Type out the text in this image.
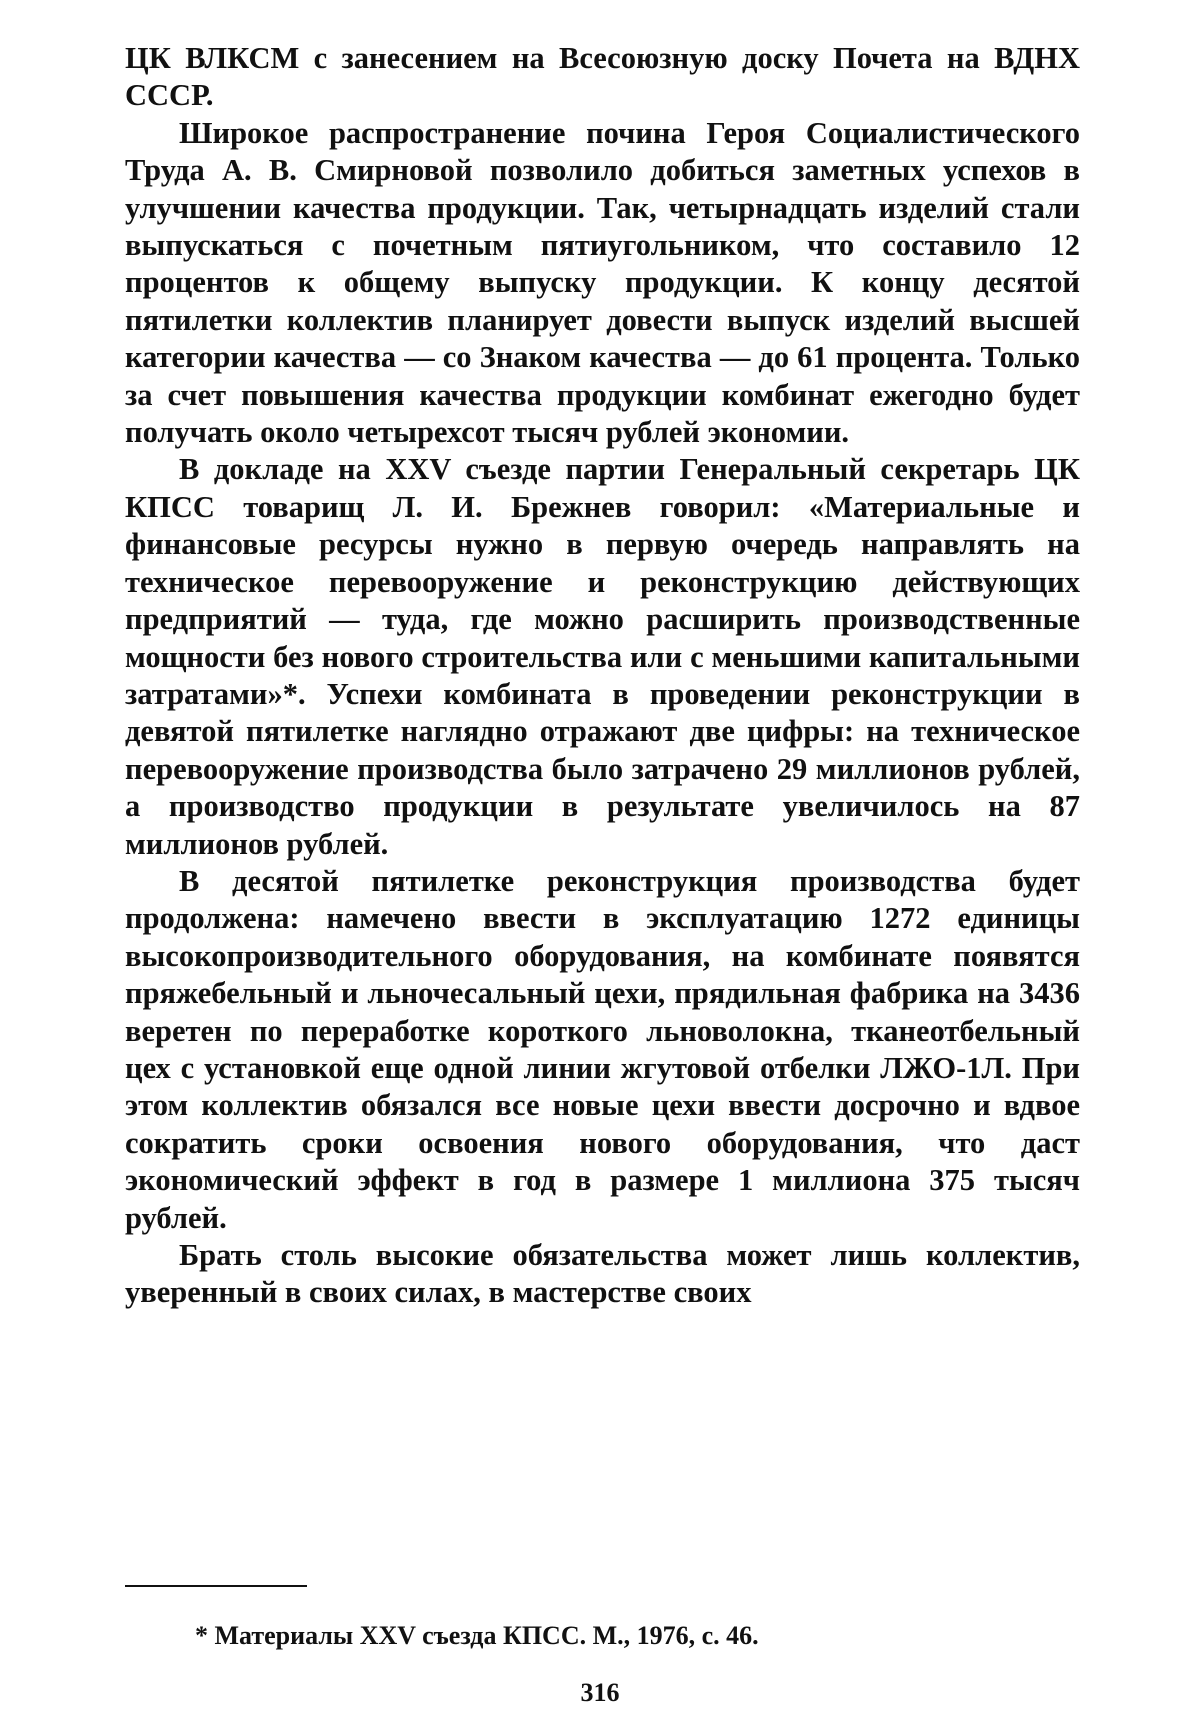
ЦК ВЛКСМ с занесением на Всесоюзную доску Почета на ВДНХ СССР.

Широкое распространение почина Героя Социалистического Труда А. В. Смирновой позволило добиться заметных успехов в улучшении качества продукции. Так, четырнадцать изделий стали выпускаться с почетным пятиугольником, что составило 12 процентов к общему выпуску продукции. К концу десятой пятилетки коллектив планирует довести выпуск изделий высшей категории качества — со Знаком качества — до 61 процента. Только за счет повышения качества продукции комбинат ежегодно будет получать около четырехсот тысяч рублей экономии.

В докладе на XXV съезде партии Генеральный секретарь ЦК КПСС товарищ Л. И. Брежнев говорил: «Материальные и финансовые ресурсы нужно в первую очередь направлять на техническое перевооружение и реконструкцию действующих предприятий — туда, где можно расширить производственные мощности без нового строительства или с меньшими капитальными затратами»*. Успехи комбината в проведении реконструкции в девятой пятилетке наглядно отражают две цифры: на техническое перевооружение производства было затрачено 29 миллионов рублей, а производство продукции в результате увеличилось на 87 миллионов рублей.

В десятой пятилетке реконструкция производства будет продолжена: намечено ввести в эксплуатацию 1272 единицы высокопроизводительного оборудования, на комбинате появятся пряжебельный и льночесальный цехи, прядильная фабрика на 3436 веретен по переработке короткого льноволокна, тканеотбельный цех с установкой еще одной линии жгутовой отбелки ЛЖО-1Л. При этом коллектив обязался все новые цехи ввести досрочно и вдвое сократить сроки освоения нового оборудования, что даст экономический эффект в год в размере 1 миллиона 375 тысяч рублей.

Брать столь высокие обязательства может лишь коллектив, уверенный в своих силах, в мастерстве своих

* Материалы XXV съезда КПСС. М., 1976, с. 46.

316
